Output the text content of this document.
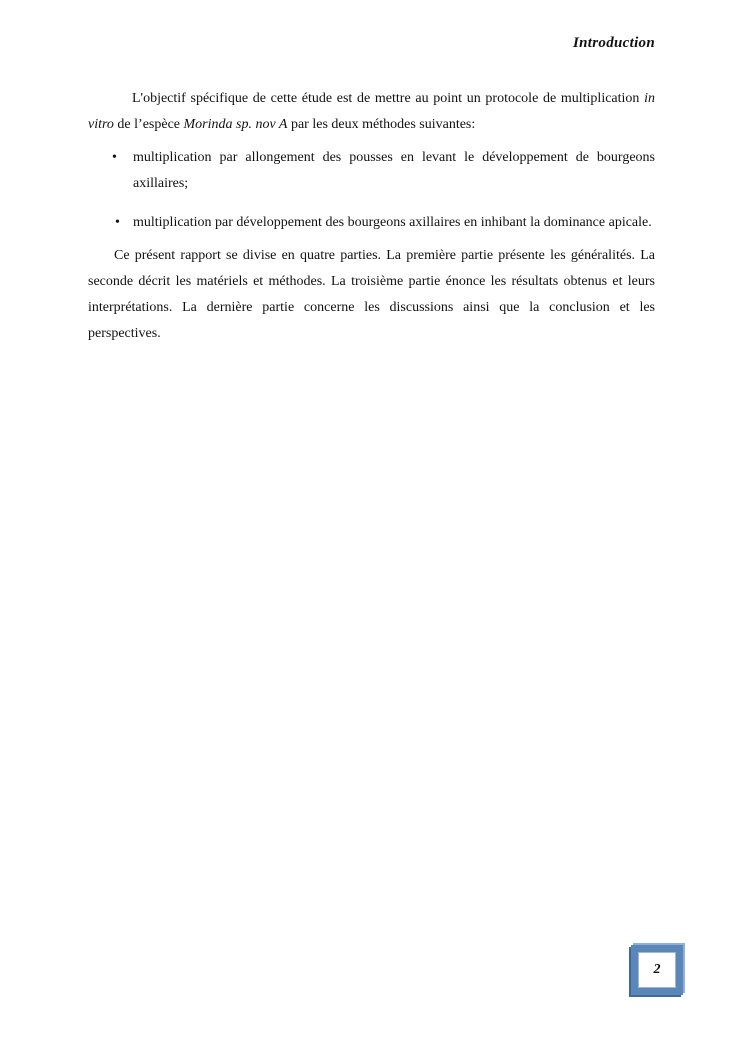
Introduction

L'objectif spécifique de cette étude est de mettre au point un protocole de multiplication in vitro de l’espèce Morinda sp. nov A par les deux méthodes suivantes:

• multiplication par allongement des pousses en levant le développement de bourgeons axillaires;
• multiplication par développement des bourgeons axillaires en inhibant la dominance apicale.

Ce présent rapport se divise en quatre parties. La première partie présente les généralités. La seconde décrit les matériels et méthodes. La troisième partie énonce les résultats obtenus et leurs interprétations. La dernière partie concerne les discussions ainsi que la conclusion et les perspectives.

2
